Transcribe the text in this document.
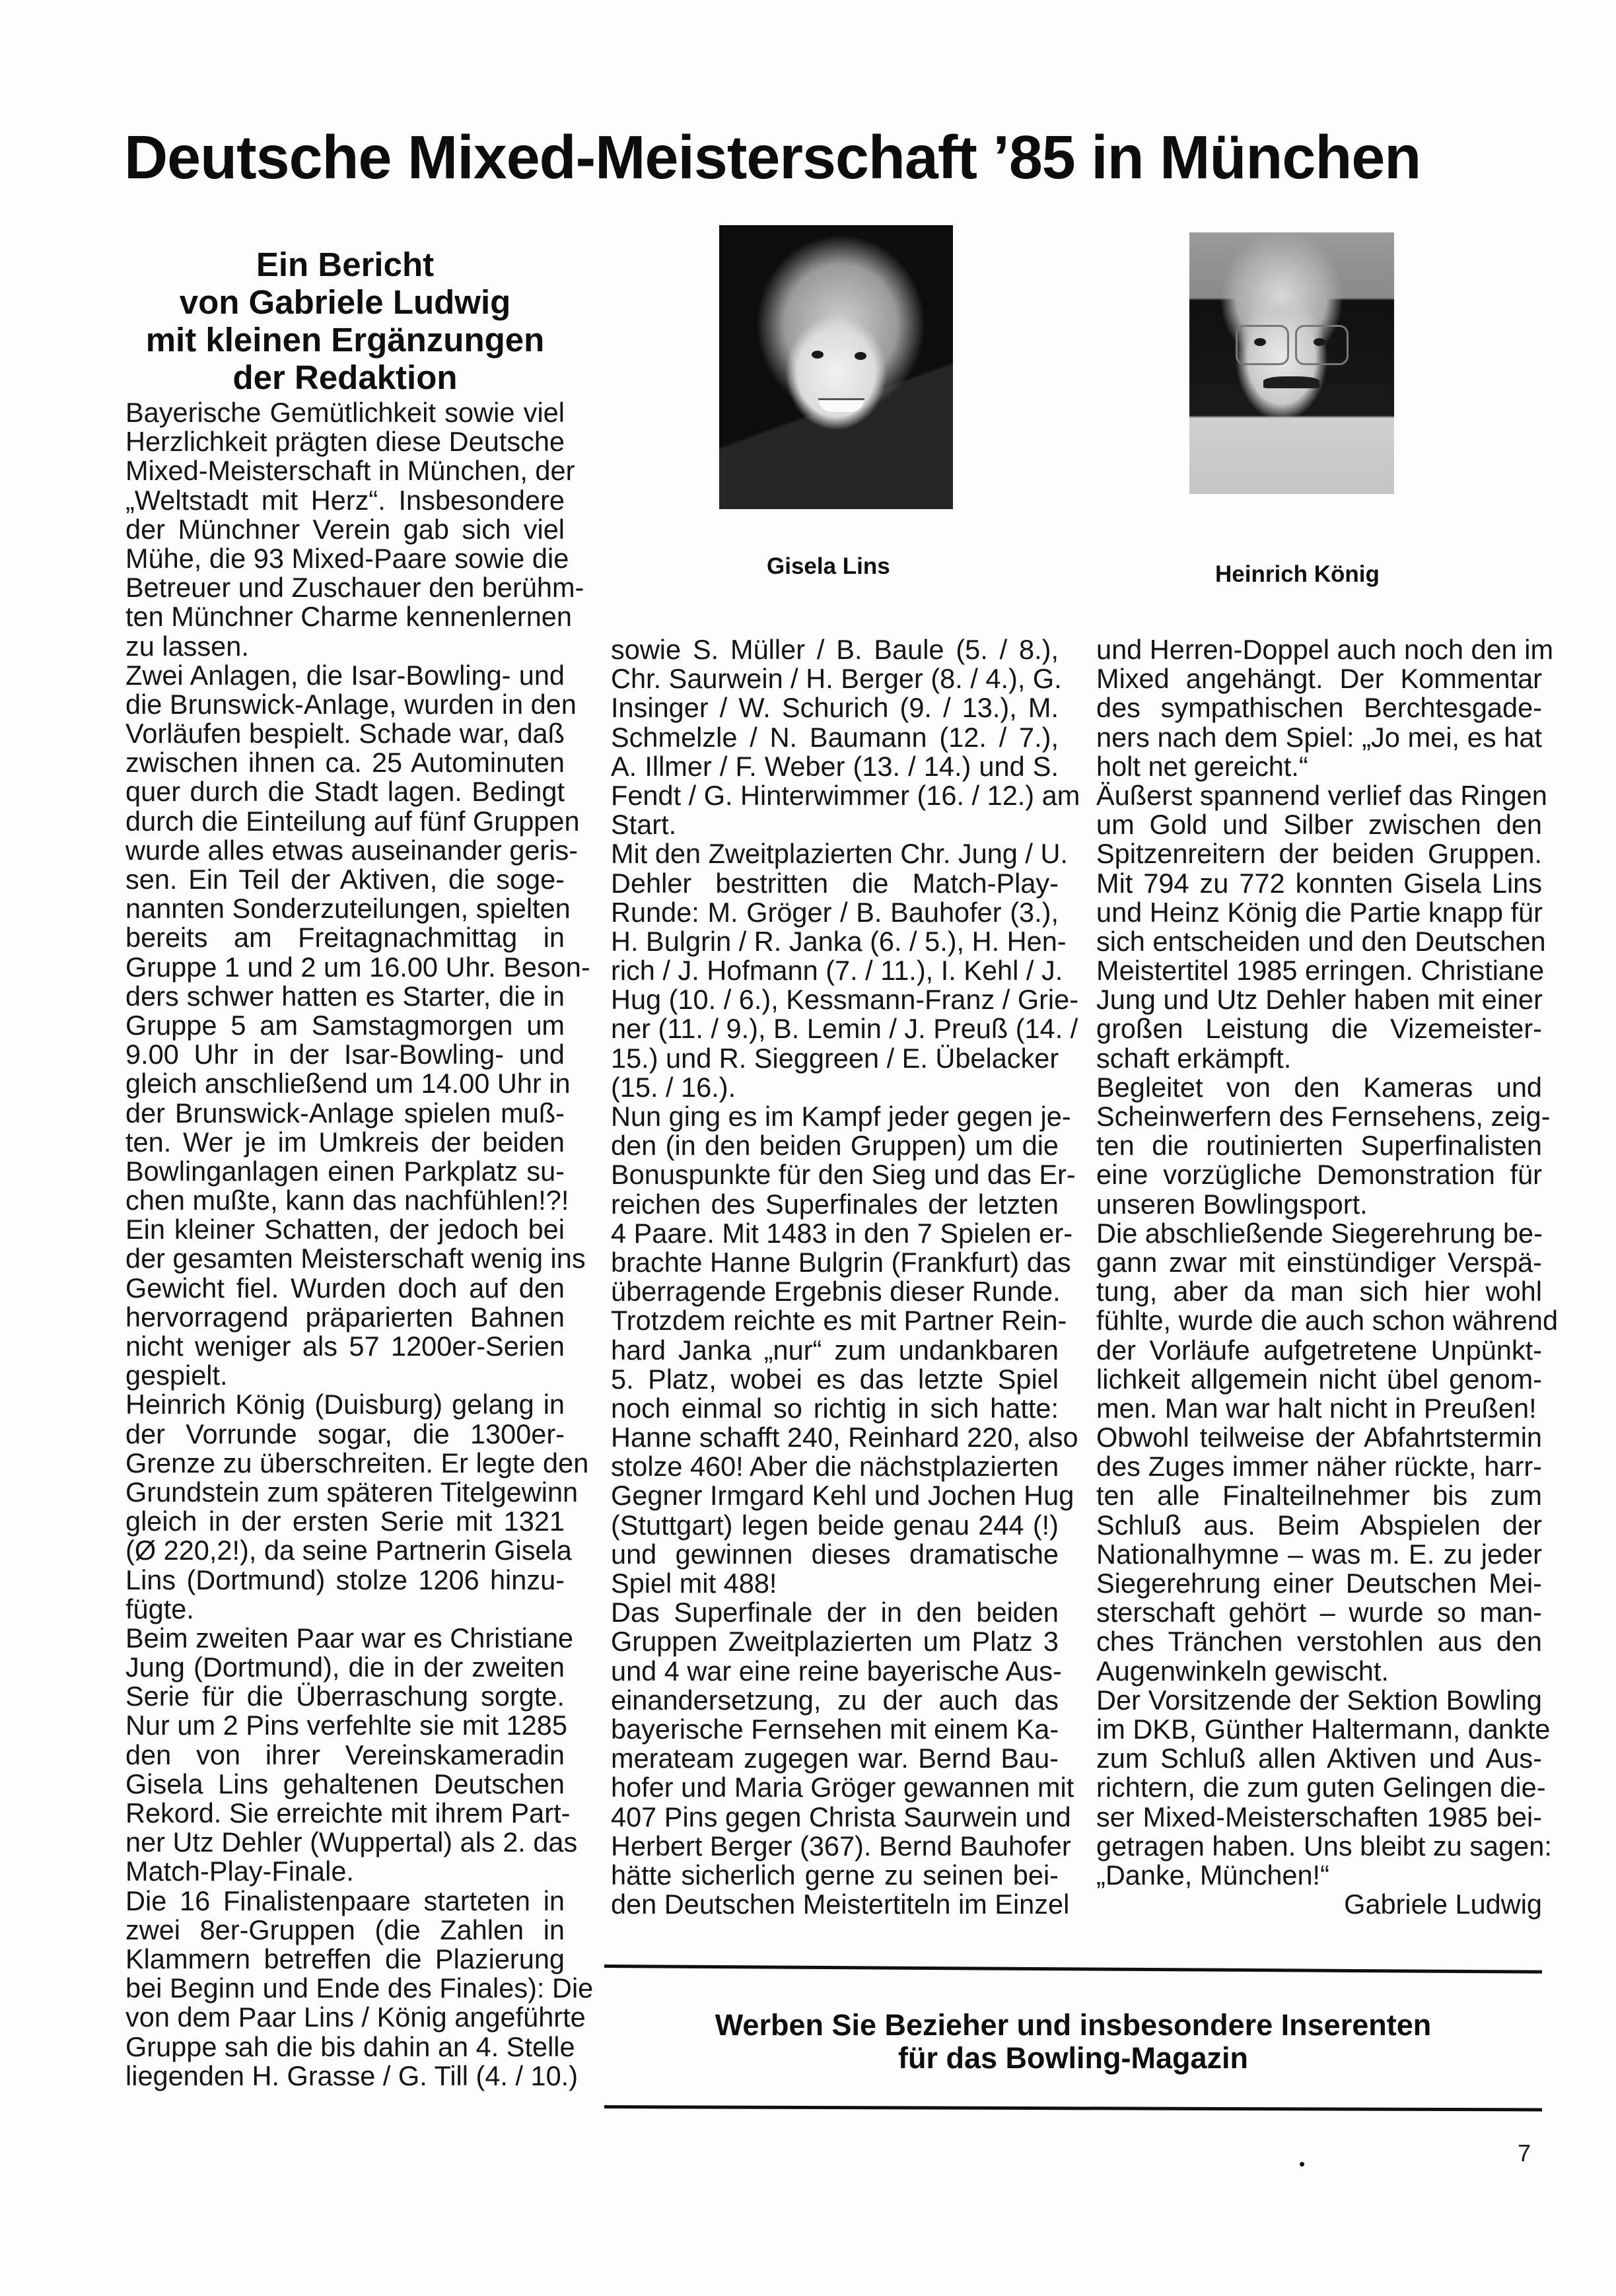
Deutsche Mixed-Meisterschaft ’85 in München
Ein Bericht
von Gabriele Ludwig
mit kleinen Ergänzungen
der Redaktion
Bayerische Gemütlichkeit sowie viel
Herzlichkeit prägten diese Deutsche
Mixed-Meisterschaft in München, der
„Weltstadt mit Herz“. Insbesondere
der Münchner Verein gab sich viel
Mühe, die 93 Mixed-Paare sowie die
Betreuer und Zuschauer den berühm-
ten Münchner Charme kennenlernen
zu lassen.
Zwei Anlagen, die Isar-Bowling- und
die Brunswick-Anlage, wurden in den
Vorläufen bespielt. Schade war, daß
zwischen ihnen ca. 25 Autominuten
quer durch die Stadt lagen. Bedingt
durch die Einteilung auf fünf Gruppen
wurde alles etwas auseinander geris-
sen. Ein Teil der Aktiven, die soge-
nannten Sonderzuteilungen, spielten
bereits am Freitagnachmittag in
Gruppe 1 und 2 um 16.00 Uhr. Beson-
ders schwer hatten es Starter, die in
Gruppe 5 am Samstagmorgen um
9.00 Uhr in der Isar-Bowling- und
gleich anschließend um 14.00 Uhr in
der Brunswick-Anlage spielen muß-
ten. Wer je im Umkreis der beiden
Bowlinganlagen einen Parkplatz su-
chen mußte, kann das nachfühlen!?!
Ein kleiner Schatten, der jedoch bei
der gesamten Meisterschaft wenig ins
Gewicht fiel. Wurden doch auf den
hervorragend präparierten Bahnen
nicht weniger als 57 1200er-Serien
gespielt.
Heinrich König (Duisburg) gelang in
der Vorrunde sogar, die 1300er-
Grenze zu überschreiten. Er legte den
Grundstein zum späteren Titelgewinn
gleich in der ersten Serie mit 1321
(Ø 220,2!), da seine Partnerin Gisela
Lins (Dortmund) stolze 1206 hinzu-
fügte.
Beim zweiten Paar war es Christiane
Jung (Dortmund), die in der zweiten
Serie für die Überraschung sorgte.
Nur um 2 Pins verfehlte sie mit 1285
den von ihrer Vereinskameradin
Gisela Lins gehaltenen Deutschen
Rekord. Sie erreichte mit ihrem Part-
ner Utz Dehler (Wuppertal) als 2. das
Match-Play-Finale.
Die 16 Finalistenpaare starteten in
zwei 8er-Gruppen (die Zahlen in
Klammern betreffen die Plazierung
bei Beginn und Ende des Finales): Die
von dem Paar Lins / König angeführte
Gruppe sah die bis dahin an 4. Stelle
liegenden H. Grasse / G. Till (4. / 10.)
Gisela Lins	Heinrich König
sowie S. Müller / B. Baule (5. / 8.),
Chr. Saurwein / H. Berger (8. / 4.), G.
Insinger / W. Schurich (9. / 13.), M.
Schmelzle / N. Baumann (12. / 7.),
A. Illmer / F. Weber (13. / 14.) und S.
Fendt / G. Hinterwimmer (16. / 12.) am
Start.
Mit den Zweitplazierten Chr. Jung / U.
Dehler bestritten die Match-Play-
Runde: M. Gröger / B. Bauhofer (3.),
H. Bulgrin / R. Janka (6. / 5.), H. Hen-
rich / J. Hofmann (7. / 11.), I. Kehl / J.
Hug (10. / 6.), Kessmann-Franz / Grie-
ner (11. / 9.), B. Lemin / J. Preuß (14. /
15.) und R. Sieggreen / E. Übelacker
(15. / 16.).
Nun ging es im Kampf jeder gegen je-
den (in den beiden Gruppen) um die
Bonuspunkte für den Sieg und das Er-
reichen des Superfinales der letzten
4 Paare. Mit 1483 in den 7 Spielen er-
brachte Hanne Bulgrin (Frankfurt) das
überragende Ergebnis dieser Runde.
Trotzdem reichte es mit Partner Rein-
hard Janka „nur“ zum undankbaren
5. Platz, wobei es das letzte Spiel
noch einmal so richtig in sich hatte:
Hanne schafft 240, Reinhard 220, also
stolze 460! Aber die nächstplazierten
Gegner Irmgard Kehl und Jochen Hug
(Stuttgart) legen beide genau 244 (!)
und gewinnen dieses dramatische
Spiel mit 488!
Das Superfinale der in den beiden
Gruppen Zweitplazierten um Platz 3
und 4 war eine reine bayerische Aus-
einandersetzung, zu der auch das
bayerische Fernsehen mit einem Ka-
merateam zugegen war. Bernd Bau-
hofer und Maria Gröger gewannen mit
407 Pins gegen Christa Saurwein und
Herbert Berger (367). Bernd Bauhofer
hätte sicherlich gerne zu seinen bei-
den Deutschen Meistertiteln im Einzel
und Herren-Doppel auch noch den im
Mixed angehängt. Der Kommentar
des sympathischen Berchtesgade-
ners nach dem Spiel: „Jo mei, es hat
holt net gereicht.“
Äußerst spannend verlief das Ringen
um Gold und Silber zwischen den
Spitzenreitern der beiden Gruppen.
Mit 794 zu 772 konnten Gisela Lins
und Heinz König die Partie knapp für
sich entscheiden und den Deutschen
Meistertitel 1985 erringen. Christiane
Jung und Utz Dehler haben mit einer
großen Leistung die Vizemeister-
schaft erkämpft.
Begleitet von den Kameras und
Scheinwerfern des Fernsehens, zeig-
ten die routinierten Superfinalisten
eine vorzügliche Demonstration für
unseren Bowlingsport.
Die abschließende Siegerehrung be-
gann zwar mit einstündiger Verspä-
tung, aber da man sich hier wohl
fühlte, wurde die auch schon während
der Vorläufe aufgetretene Unpünkt-
lichkeit allgemein nicht übel genom-
men. Man war halt nicht in Preußen!
Obwohl teilweise der Abfahrtstermin
des Zuges immer näher rückte, harr-
ten alle Finalteilnehmer bis zum
Schluß aus. Beim Abspielen der
Nationalhymne – was m. E. zu jeder
Siegerehrung einer Deutschen Mei-
sterschaft gehört – wurde so man-
ches Tränchen verstohlen aus den
Augenwinkeln gewischt.
Der Vorsitzende der Sektion Bowling
im DKB, Günther Haltermann, dankte
zum Schluß allen Aktiven und Aus-
richtern, die zum guten Gelingen die-
ser Mixed-Meisterschaften 1985 bei-
getragen haben. Uns bleibt zu sagen:
„Danke, München!“
Gabriele Ludwig
Werben Sie Bezieher und insbesondere Inserenten
für das Bowling-Magazin
7
